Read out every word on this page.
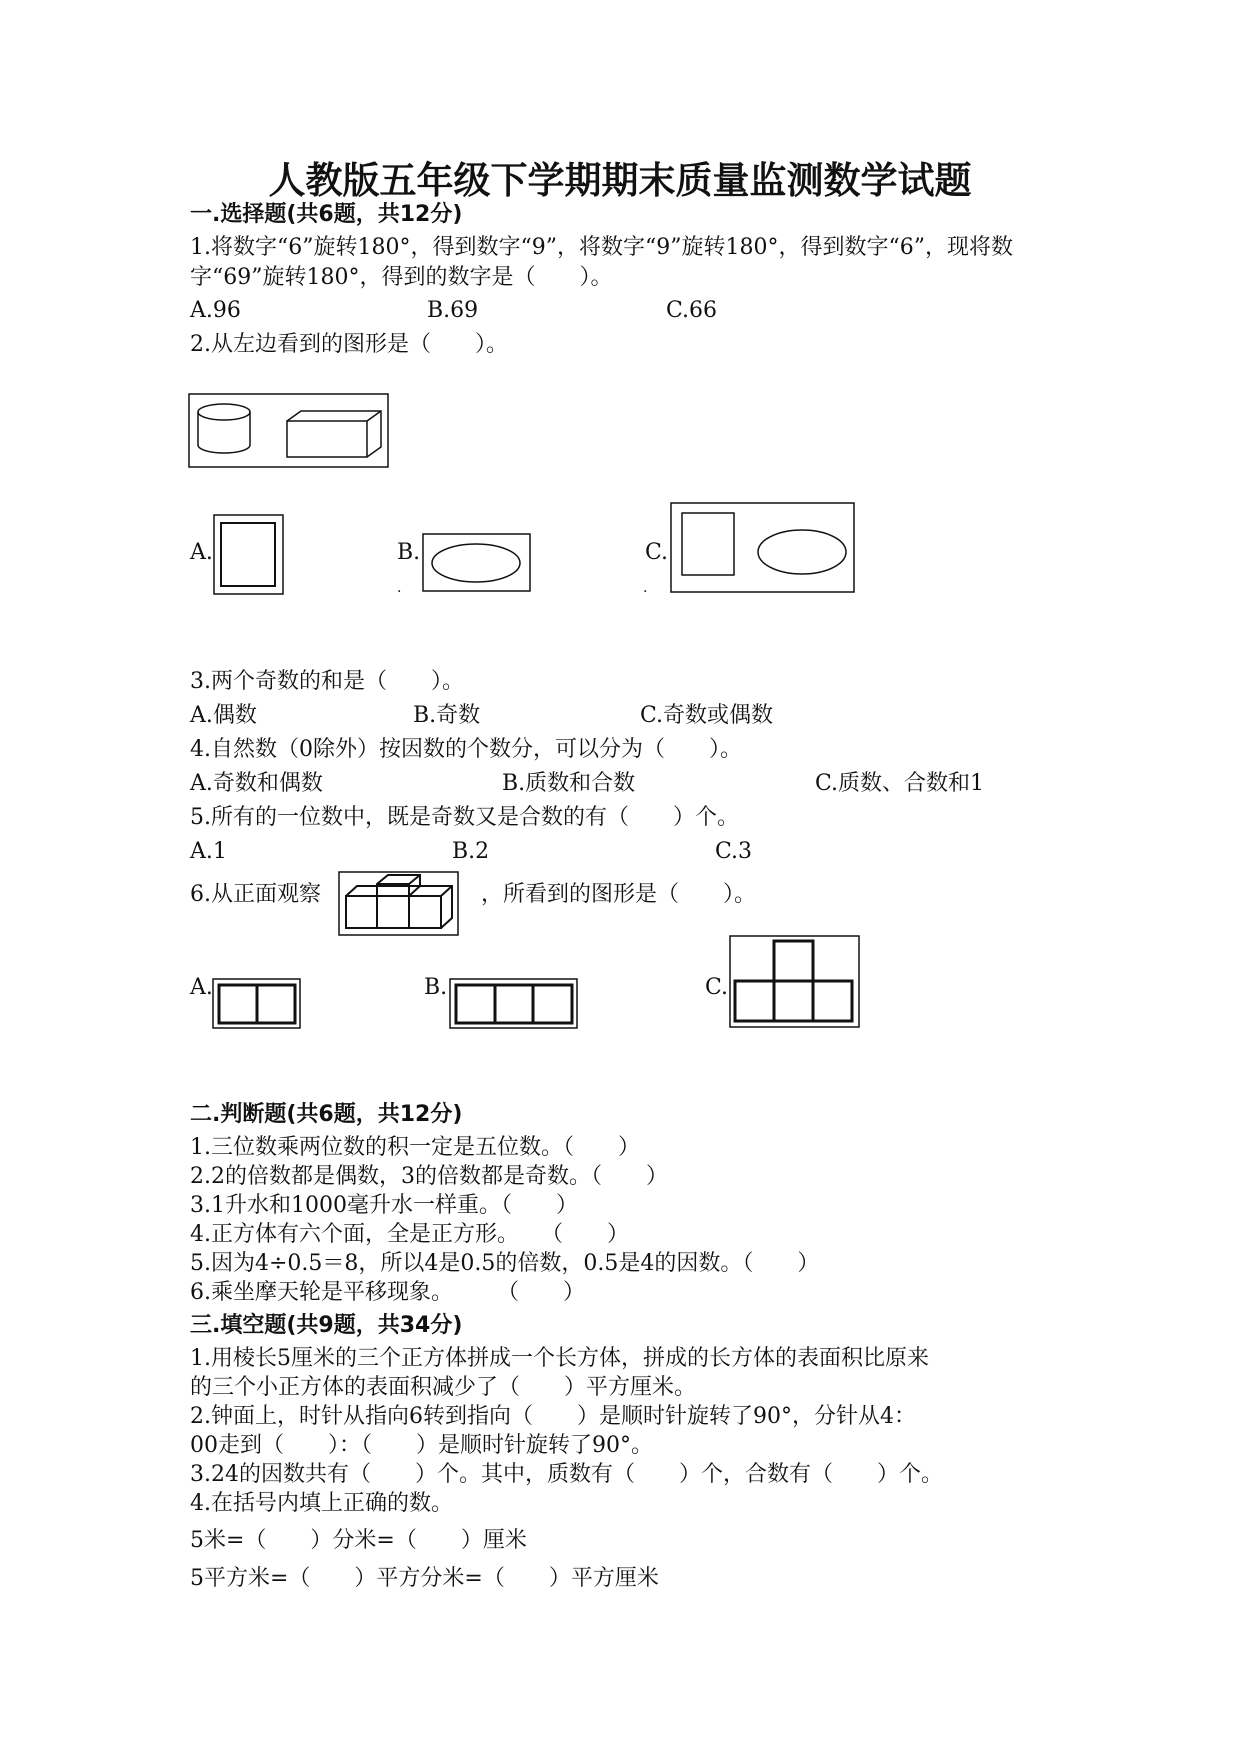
人教版五年级下学期期末质量监测数学试题
一.选择题(共6题，共12分)
1.将数字“6”旋转180°，得到数字“9”，将数字“9”旋转180°，得到数字“6”，现将数字“69”旋转180°，得到的数字是（　　）。
A.96	B.69	C.66
2.从左边看到的图形是（　　）。
A.	B.
.
C.
.
3.两个奇数的和是（　　）。
A.偶数	B.奇数	C.奇数或偶数
4.自然数（0除外）按因数的个数分，可以分为（　　）。
A.奇数和偶数	B.质数和合数	C.质数、合数和1
5.所有的一位数中，既是奇数又是合数的有（　　）个。
A.1	B.2	C.3
6.从正面观察	，所看到的图形是（　　）。
A.	B.	C.
二.判断题(共6题，共12分)
1.三位数乘两位数的积一定是五位数。（　　）
2.2的倍数都是偶数，3的倍数都是奇数。（　　）
3.1升水和1000毫升水一样重。（　　）
4.正方体有六个面，全是正方形。　　（　　）
5.因为4÷0.5＝8，所以4是0.5的倍数，0.5是4的因数。（　　）
6.乘坐摩天轮是平移现象。　　　（　　）
三.填空题(共9题，共34分)
1.用棱长5厘米的三个正方体拼成一个长方体，拼成的长方体的表面积比原来
的三个小正方体的表面积减少了（　　）平方厘米。
2.钟面上，时针从指向6转到指向（　　）是顺时针旋转了90°，分针从4：
00走到（　　）：（　　）是顺时针旋转了90°。
3.24的因数共有（　　）个。其中，质数有（　　）个，合数有（　　）个。
4.在括号内填上正确的数。
5米=（　　）分米=（　　）厘米
5平方米=（　　）平方分米=（　　）平方厘米
